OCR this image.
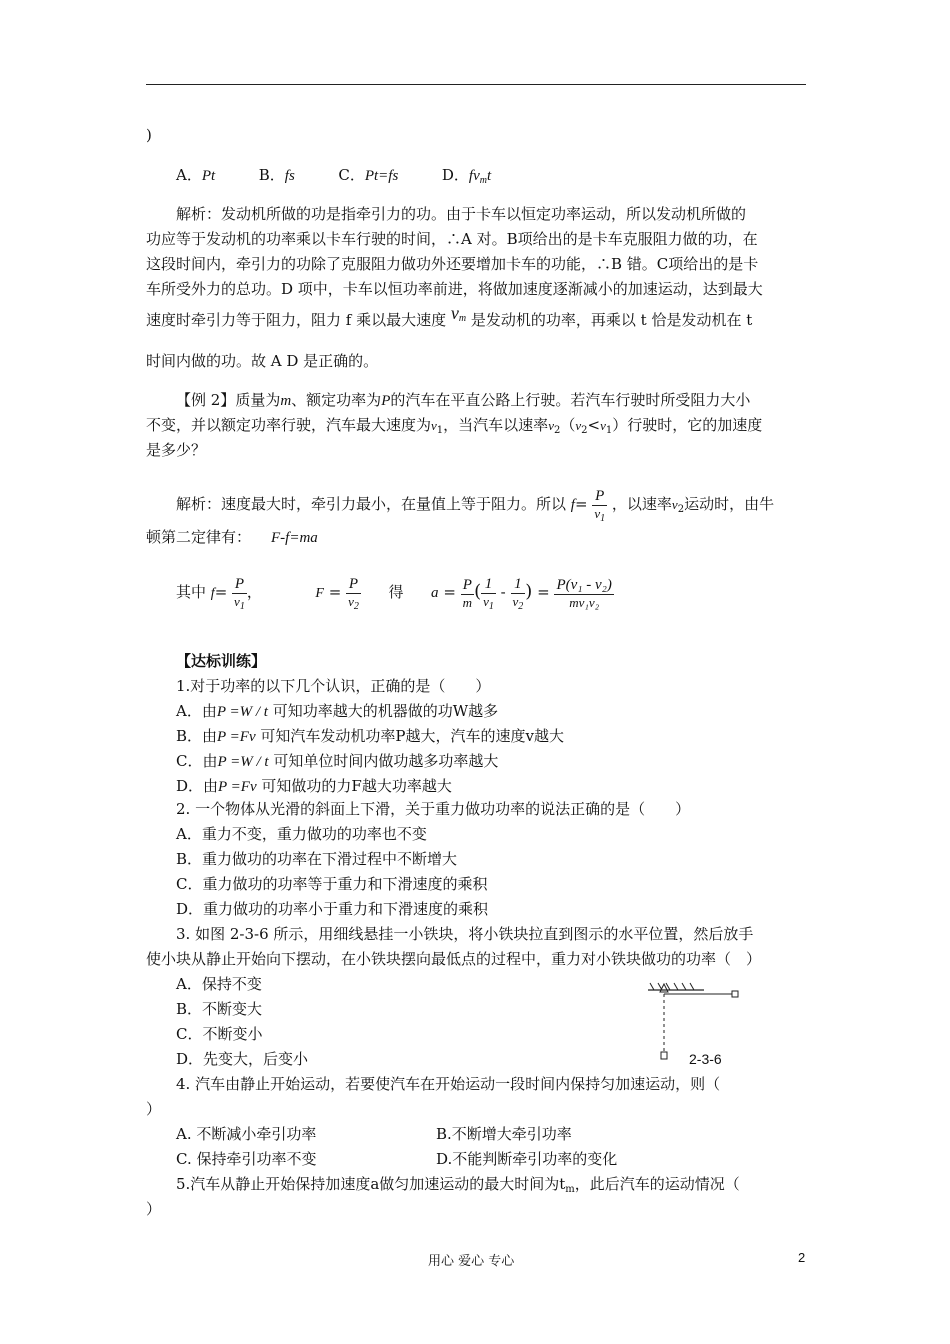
)
A．Pt	B．fs	C．Pt=fs	D．$fv_mt$
解析：发动机所做的功是指牵引力的功。由于卡车以恒定功率运动，所以发动机所做的
功应等于发动机的功率乘以卡车行驶的时间，∴A 对。B项给出的是卡车克服阻力做的功，在
这段时间内，牵引力的功除了克服阻力做功外还要增加卡车的功能，∴B 错。C项给出的是卡
车所受外力的总功。D 项中，卡车以恒功率前进，将做加速度逐渐减小的加速运动，达到最大
速度时牵引力等于阻力，阻力 f 乘以最大速度 $v^m$ 是发动机的功率，再乘以 t 恰是发动机在 t
时间内做的功。故 A D 是正确的。
【例 2】质量为m、额定功率为P的汽车在平直公路上行驶。若汽车行驶时所受阻力大小
不变，并以额定功率行驶，汽车最大速度为$v_1$，当汽车以速率$v_2(v_2<v_1)$行驶时，它的加速度
是多少？
解析：速度最大时，牵引力最小，在量值上等于阻力。所以 $f= \frac{P}{v_1}$ ，以速率$v_2$运动时，由牛
顿第二定律有： F-f=ma
其中 $f= \frac{P}{v_1}$ ，	$F = \frac{P}{v_2}$ 得 $a = \frac{P}{m}$ ( $\frac{1}{v_1} - \frac{1}{v_2}$ ) = $\frac{\text{P(v₁ - v₂)}}{\text{mv₁v₂}}$
【达标训练】
1.对于功率的以下几个认识，正确的是（　　）
A．由P =W / t 可知功率越大的机器做的功W越多
B．由P =Fv 可知汽车发动机功率P越大，汽车的速度v越大
C．由P =W / t 可知单位时间内做功越多功率越大
D．由P =Fv 可知做功的力F越大功率越大
2. 一个物体从光滑的斜面上下滑，关于重力做功功率的说法正确的是（　　）
A．重力不变，重力做功的功率也不变
B．重力做功的功率在下滑过程中不断增大
C．重力做功的功率等于重力和下滑速度的乘积
D．重力做功的功率小于重力和下滑速度的乘积
3. 如图 2-3-6 所示，用细线悬挂一小铁块，将小铁块拉直到图示的水平位置，然后放手
使小块从静止开始向下摆动，在小铁块摆向最低点的过程中，重力对小铁块做功的功率（　）
A．保持不变
B．不断变大
C．不断变小
D．先变大，后变小	2-3-6
4. 汽车由静止开始运动，若要使汽车在开始运动一段时间内保持匀加速运动，则（
）
A. 不断减小牵引功率	B.不断增大牵引功率
C. 保持牵引功率不变	D.不能判断牵引功率的变化
5.汽车从静止开始保持加速度a做匀加速运动的最大时间为$t_m$，此后汽车的运动情况（
）
用心 爱心 专心	2
